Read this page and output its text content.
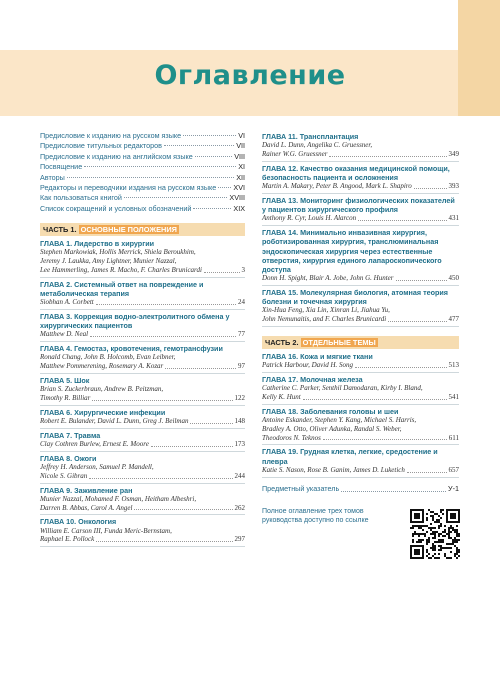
Оглавление
Предисловие к изданию на русском языке	VI
Предисловие титульных редакторов	VII
Предисловие к изданию на английском языке	VIII
Посвящение	XI
Авторы	XII
Редакторы и переводчики издания на русском языке XVI
Как пользоваться книгой	XVIII
Список сокращений и условных обозначений	XIX
ЧАСТЬ 1. ОСНОВНЫЕ ПОЛОЖЕНИЯ
ГЛАВА 1. Лидерство в хирургии
Stephen Markowiak, Hollis Merrick, Shiela Beroukhim,
Jeremy J. Laukka, Amy Lightner, Munier Nazzal,
Lee Hammerling, James R. Macho, F. Charles Brunicardi	3
ГЛАВА 2. Системный ответ на повреждение и метаболическая терапия
Siobhan A. Corbett	24
ГЛАВА 3. Коррекция водно-электролитного обмена у хирургических пациентов
Matthew D. Neal	77
ГЛАВА 4. Гемостаз, кровотечения, гемотрансфузии
Ronald Chang, John B. Holcomb, Evan Leibner,
Matthew Pommerening, Rosemary A. Kozar	97
ГЛАВА 5. Шок
Brian S. Zuckerbraun, Andrew B. Peitzman,
Timothy R. Billiar	122
ГЛАВА 6. Хирургические инфекции
Robert E. Bulander, David L. Dunn, Greg J. Beilman	148
ГЛАВА 7. Травма
Clay Cothren Burlew, Ernest E. Moore	173
ГЛАВА 8. Ожоги
Jeffrey H. Anderson, Samuel P. Mandell,
Nicole S. Gibran	244
ГЛАВА 9. Заживление ран
Munier Nazzal, Mohamed F. Osman, Heitham Albeshri,
Darren B. Abbas, Carol A. Angel	262
ГЛАВА 10. Онкология
William E. Carson III, Funda Meric-Bernstam,
Raphael E. Pollock	297
ГЛАВА 11. Трансплантация
David L. Dunn, Angelika C. Gruessner,
Rainer W.G. Gruessner	349
ГЛАВА 12. Качество оказания медицинской помощи, безопасность пациента и осложнения
Martin A. Makary, Peter B. Angood, Mark L. Shapiro	393
ГЛАВА 13. Мониторинг физиологических показателей у пациентов хирургического профиля
Anthony R. Cyr, Louis H. Alarcon	431
ГЛАВА 14. Минимально инвазивная хирургия, роботизированная хирургия, транслюминальная эндоскопическая хирургия через естественные отверстия, хирургия единого лапароскопического доступа
Donn H. Spight, Blair A. Jobe, John G. Hunter	450
ГЛАВА 15. Молекулярная биология, атомная теория болезни и точечная хирургия
Xin-Hua Feng, Xia Lin, Xinran Li, Jiahua Yu,
John Nemunaitis, and F. Charles Brunicardi	477
ЧАСТЬ 2. ОТДЕЛЬНЫЕ ТЕМЫ
ГЛАВА 16. Кожа и мягкие ткани
Patrick Harbour, David H. Song	513
ГЛАВА 17. Молочная железа
Catherine C. Parker, Senthil Damodaran, Kirby I. Bland,
Kelly K. Hunt	541
ГЛАВА 18. Заболевания головы и шеи
Antoine Eskander, Stephen Y. Kang, Michael S. Harris,
Bradley A. Otto, Oliver Adunka, Randal S. Weber,
Theodoros N. Teknos	611
ГЛАВА 19. Грудная клетка, легкие, средостение и плевра
Katie S. Nason, Rose B. Ganim, James D. Luketich	657
Предметный указатель	У-1
Полное оглавление трех томов руководства доступно по ссылке
